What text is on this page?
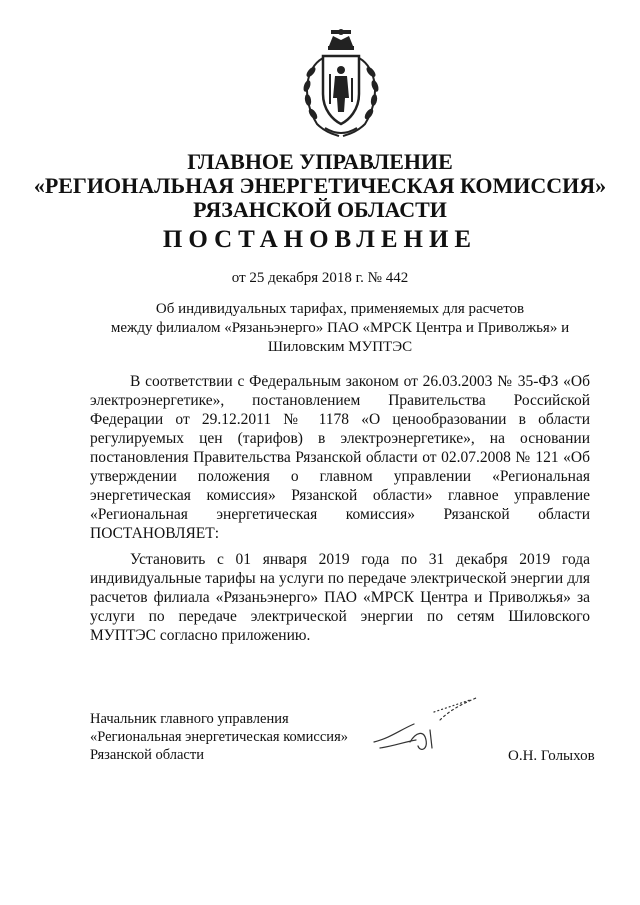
ГЛАВНОЕ УПРАВЛЕНИЕ
«РЕГИОНАЛЬНАЯ ЭНЕРГЕТИЧЕСКАЯ КОМИССИЯ»
РЯЗАНСКОЙ ОБЛАСТИ
ПОСТАНОВЛЕНИЕ
от 25 декабря 2018 г. № 442
Об индивидуальных тарифах, применяемых для расчетов
между филиалом «Рязаньэнерго» ПАО «МРСК Центра и Приволжья» и
Шиловским МУПТЭС
В соответствии с Федеральным законом от 26.03.2003 № 35-ФЗ «Об электроэнергетике», постановлением Правительства Российской Федерации от 29.12.2011 № 1178 «О ценообразовании в области регулируемых цен (тарифов) в электроэнергетике», на основании постановления Правительства Рязанской области от 02.07.2008 № 121 «Об утверждении положения о главном управлении «Региональная энергетическая комиссия» Рязанской области» главное управление «Региональная энергетическая комиссия» Рязанской области ПОСТАНОВЛЯЕТ:
Установить с 01 января 2019 года по 31 декабря 2019 года индивидуальные тарифы на услуги по передаче электрической энергии для расчетов филиала «Рязаньэнерго» ПАО «МРСК Центра и Приволжья» за услуги по передаче электрической энергии по сетям Шиловского МУПТЭС согласно приложению.
Начальник главного управления
«Региональная энергетическая комиссия»
Рязанской области	О.Н. Голыхов
